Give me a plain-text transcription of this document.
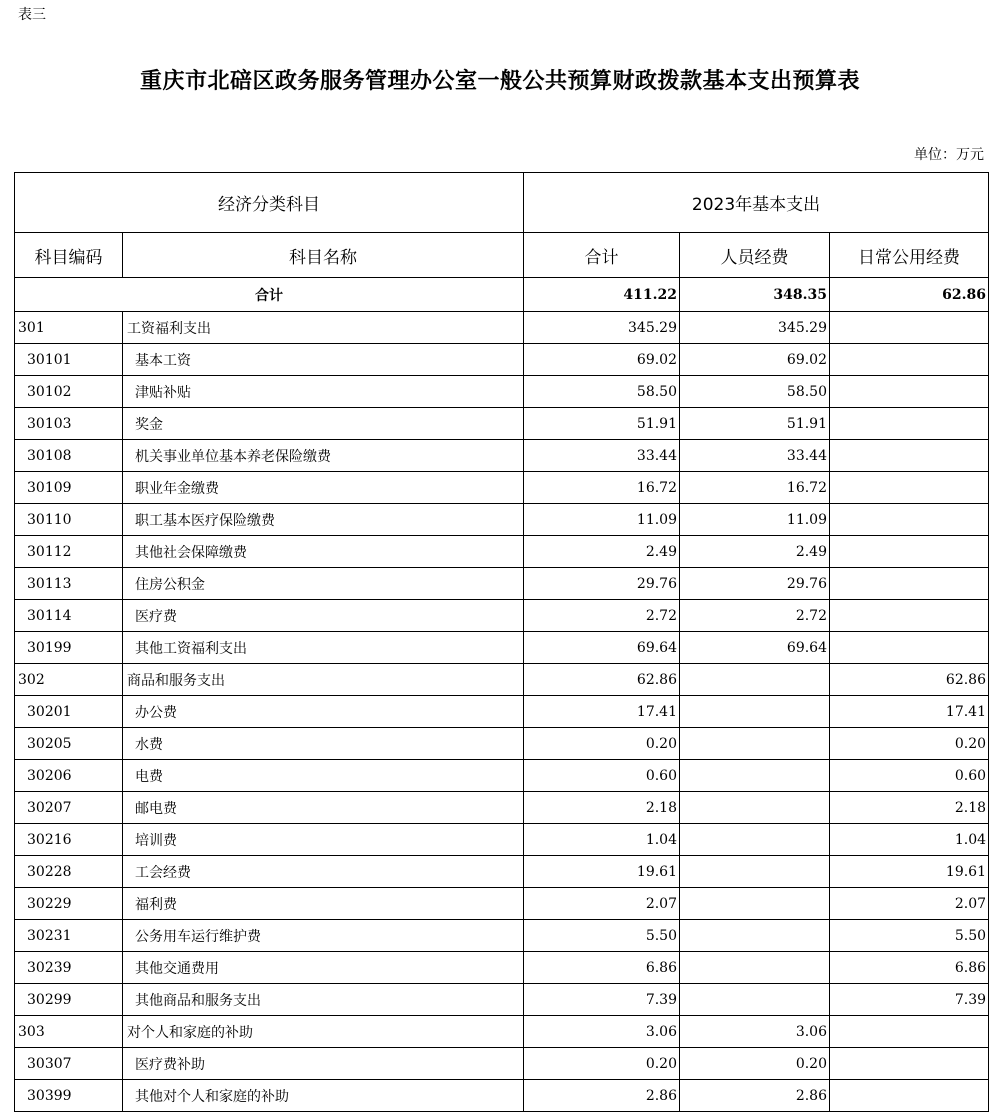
表三
重庆市北碚区政务服务管理办公室一般公共预算财政拨款基本支出预算表
单位：万元
经济分类科目		2023年基本支出		
科目编码	科目名称	合计	人员经费	日常公用经费
合计		411.22	348.35	62.86
301	工资福利支出	345.29	345.29	
30101	基本工资	69.02	69.02	
30102	津贴补贴	58.50	58.50	
30103	奖金	51.91	51.91	
30108	机关事业单位基本养老保险缴费	33.44	33.44	
30109	职业年金缴费	16.72	16.72	
30110	职工基本医疗保险缴费	11.09	11.09	
30112	其他社会保障缴费	2.49	2.49	
30113	住房公积金	29.76	29.76	
30114	医疗费	2.72	2.72	
30199	其他工资福利支出	69.64	69.64	
302	商品和服务支出	62.86		62.86
30201	办公费	17.41		17.41
30205	水费	0.20		0.20
30206	电费	0.60		0.60
30207	邮电费	2.18		2.18
30216	培训费	1.04		1.04
30228	工会经费	19.61		19.61
30229	福利费	2.07		2.07
30231	公务用车运行维护费	5.50		5.50
30239	其他交通费用	6.86		6.86
30299	其他商品和服务支出	7.39		7.39
303	对个人和家庭的补助	3.06	3.06	
30307	医疗费补助	0.20	0.20	
30399	其他对个人和家庭的补助	2.86	2.86	
